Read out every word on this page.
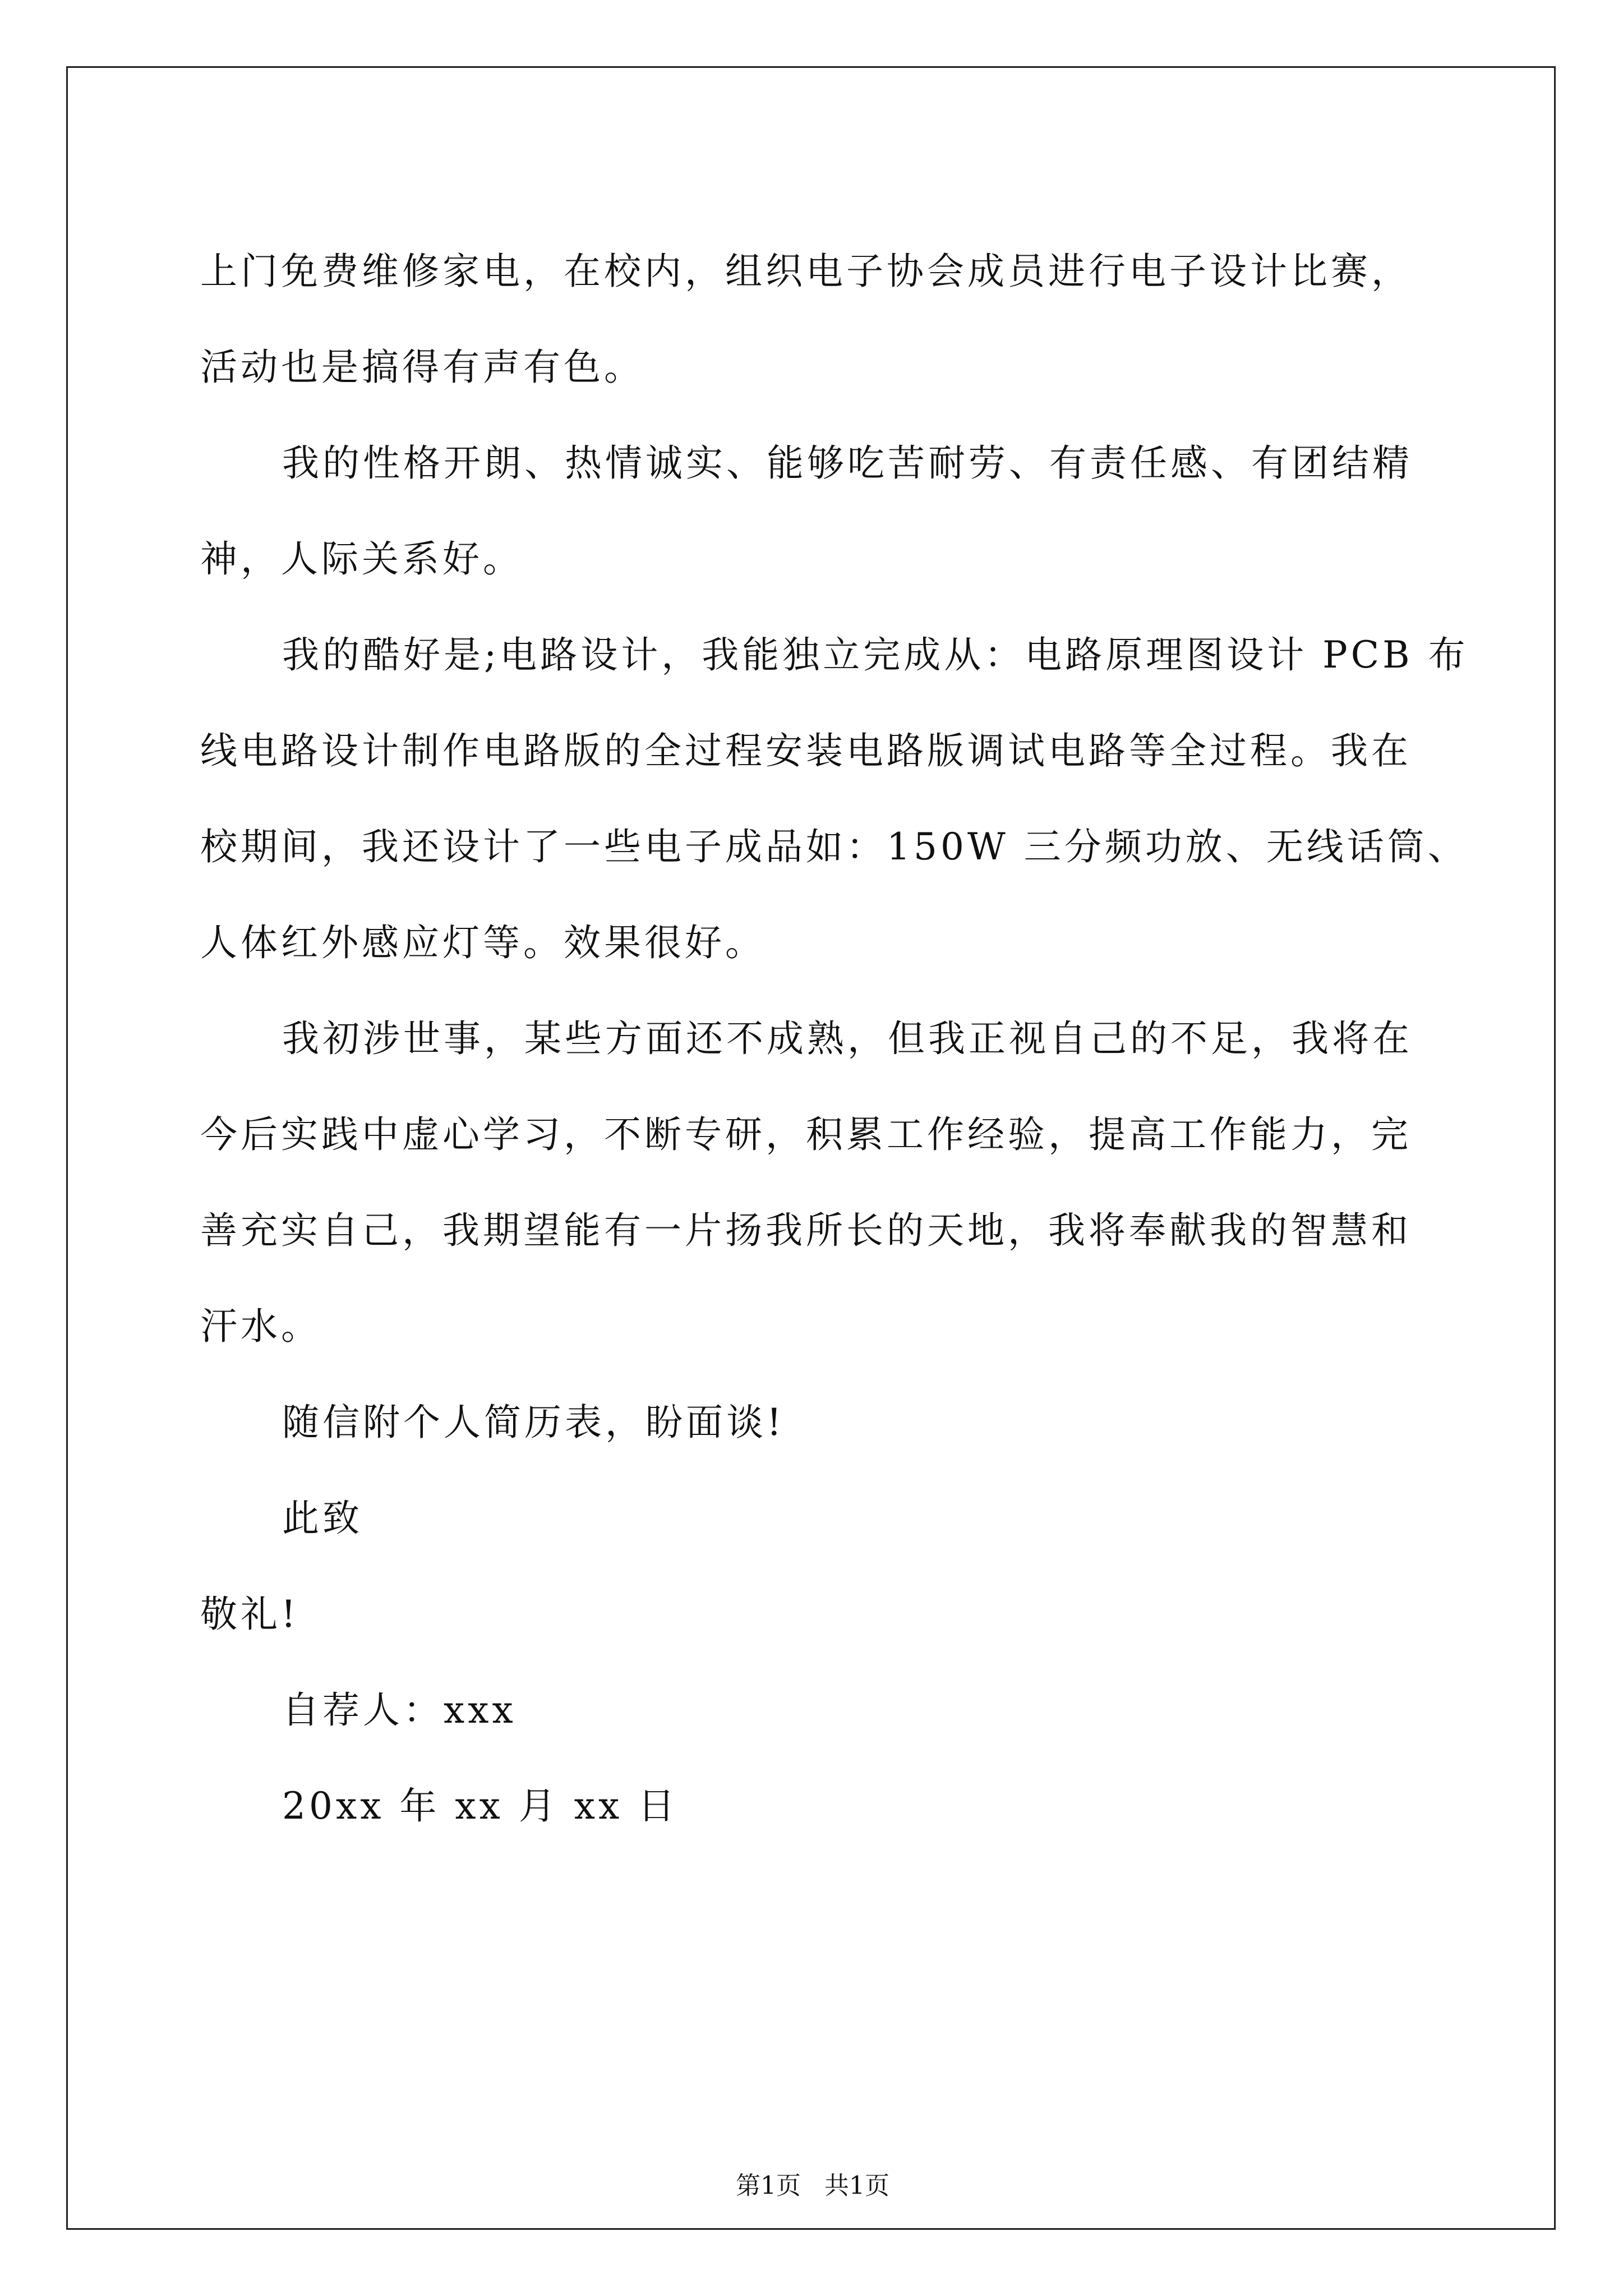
上门免费维修家电，在校内，组织电子协会成员进行电子设计比赛，
活动也是搞得有声有色。
我的性格开朗、热情诚实、能够吃苦耐劳、有责任感、有团结精
神，人际关系好。
我的酷好是;电路设计，我能独立完成从：电路原理图设计 PCB 布
线电路设计制作电路版的全过程安装电路版调试电路等全过程。我在
校期间，我还设计了一些电子成品如：150W 三分频功放、无线话筒、
人体红外感应灯等。效果很好。
我初涉世事，某些方面还不成熟，但我正视自己的不足，我将在
今后实践中虚心学习，不断专研，积累工作经验，提高工作能力，完
善充实自己，我期望能有一片扬我所长的天地，我将奉献我的智慧和
汗水。
随信附个人简历表，盼面谈!
此致
敬礼!
自荐人：xxx
20xx 年 xx 月 xx 日
第1页 共1页
